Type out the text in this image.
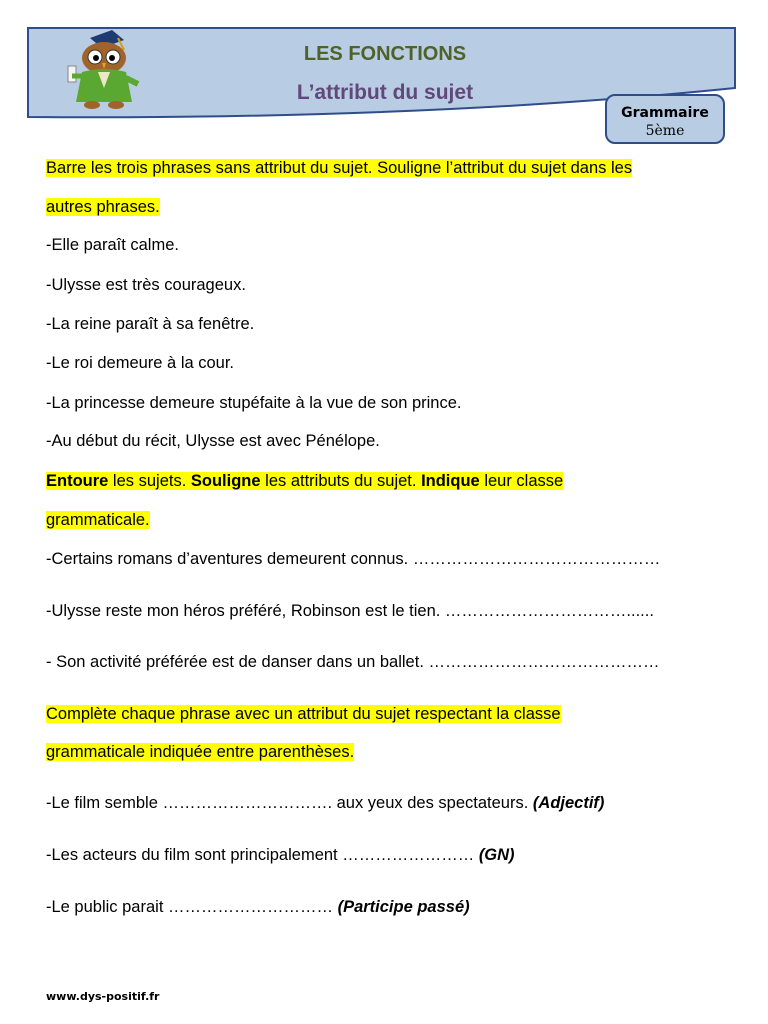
LES FONCTIONS
L’attribut du sujet
Grammaire
5ème
Barre les trois phrases sans attribut du sujet. Souligne l’attribut du sujet dans les
autres phrases.
-Elle paraît calme.
-Ulysse est très courageux.
-La reine paraît à sa fenêtre.
-Le roi demeure à la cour.
-La princesse demeure stupéfaite à la vue de son prince.
-Au début du récit, Ulysse est avec Pénélope.
Entoure les sujets. Souligne les attributs du sujet. Indique leur classe
grammaticale.
-Certains romans d’aventures demeurent connus. ………………………………………
-Ulysse reste mon héros préféré, Robinson est le tien. ……………………………......
- Son activité préférée est de danser dans un ballet. ……………………………………
Complète chaque phrase avec un attribut du sujet respectant la classe
grammaticale indiquée entre parenthèses.
-Le film semble …………………………. aux yeux des spectateurs. (Adjectif)
-Les acteurs du film sont principalement …………………… (GN)
-Le public parait ………………………… (Participe passé)
www.dys-positif.fr
